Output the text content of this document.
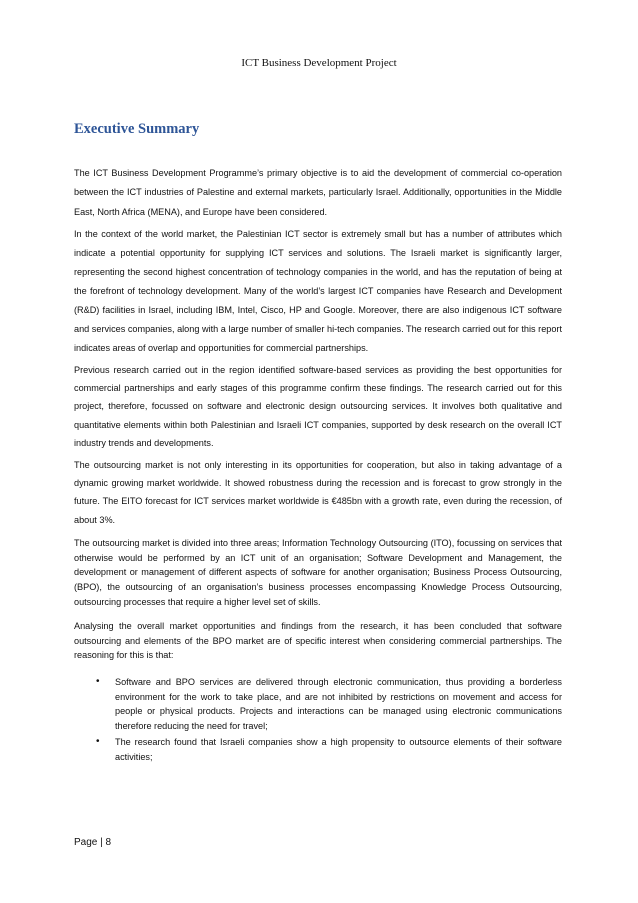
ICT Business Development Project
Executive Summary

The ICT Business Development Programme’s primary objective is to aid the development of commercial co-operation between the ICT industries of Palestine and external markets, particularly Israel. Additionally, opportunities in the Middle East, North Africa (MENA), and Europe have been considered.

In the context of the world market, the Palestinian ICT sector is extremely small but has a number of attributes which indicate a potential opportunity for supplying ICT services and solutions. The Israeli market is significantly larger, representing the second highest concentration of technology companies in the world, and has the reputation of being at the forefront of technology development. Many of the world’s largest ICT companies have Research and Development (R&D) facilities in Israel, including IBM, Intel, Cisco, HP and Google. Moreover, there are also indigenous ICT software and services companies, along with a large number of smaller hi-tech companies. The research carried out for this report indicates areas of overlap and opportunities for commercial partnerships.

Previous research carried out in the region identified software-based services as providing the best opportunities for commercial partnerships and early stages of this programme confirm these findings. The research carried out for this project, therefore, focussed on software and electronic design outsourcing services. It involves both qualitative and quantitative elements within both Palestinian and Israeli ICT companies, supported by desk research on the overall ICT industry trends and developments.

The outsourcing market is not only interesting in its opportunities for cooperation, but also in taking advantage of a dynamic growing market worldwide. It showed robustness during the recession and is forecast to grow strongly in the future. The EITO forecast for ICT services market worldwide is €485bn with a growth rate, even during the recession, of about 3%.

The outsourcing market is divided into three areas; Information Technology Outsourcing (ITO), focussing on services that otherwise would be performed by an ICT unit of an organisation; Software Development and Management, the development or management of different aspects of software for another organisation; Business Process Outsourcing, (BPO), the outsourcing of an organisation’s business processes encompassing Knowledge Process Outsourcing, outsourcing processes that require a higher level set of skills.

Analysing the overall market opportunities and findings from the research, it has been concluded that software outsourcing and elements of the BPO market are of specific interest when considering commercial partnerships. The reasoning for this is that:

• Software and BPO services are delivered through electronic communication, thus providing a borderless environment for the work to take place, and are not inhibited by restrictions on movement and access for people or physical products. Projects and interactions can be managed using electronic communications therefore reducing the need for travel;
• The research found that Israeli companies show a high propensity to outsource elements of their software activities;
Page | 8
